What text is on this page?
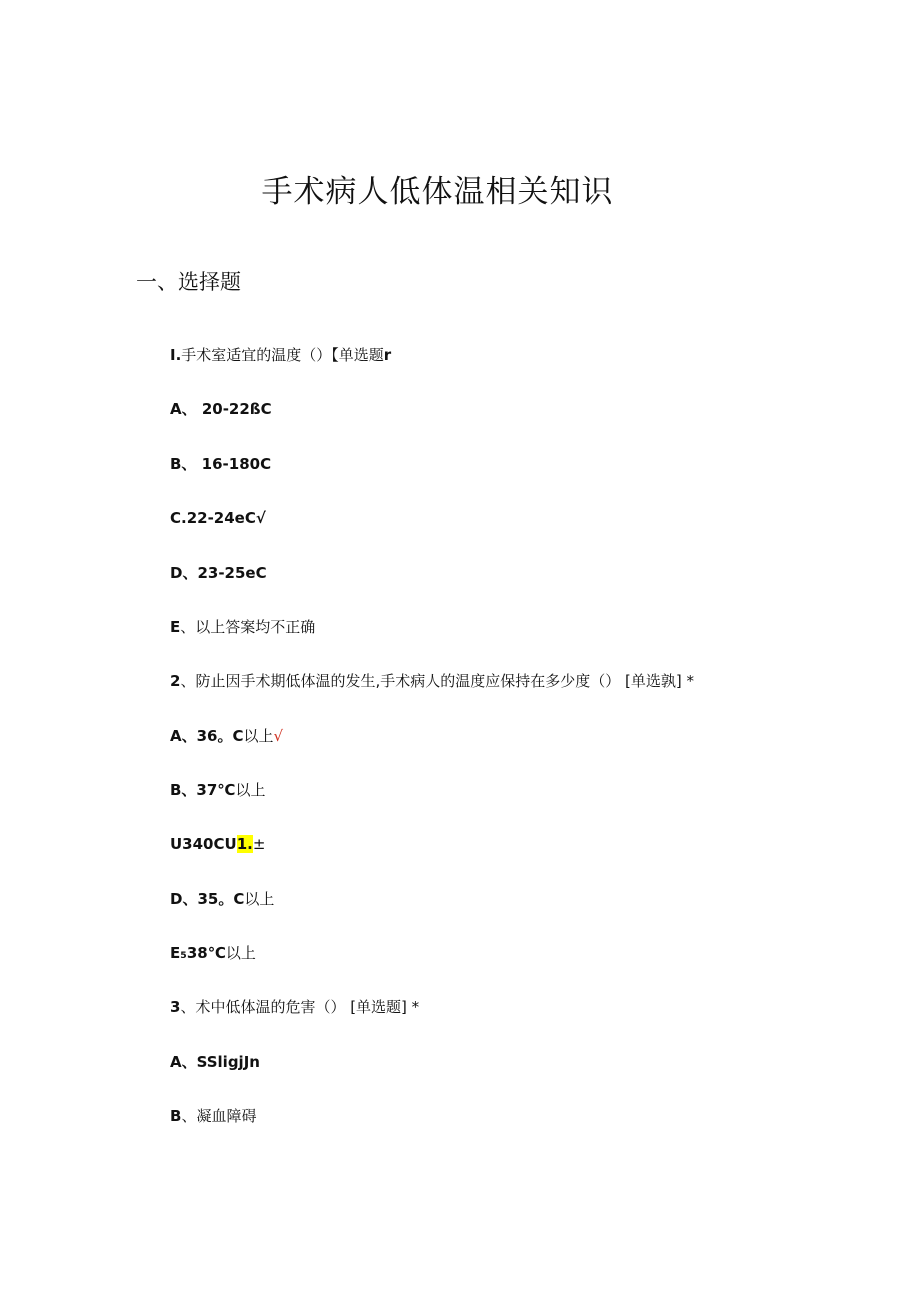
手术病人低体温相关知识
一、选择题
I.手术室适宜的温度（）【单选题r
A、 20-22ßC
B、 16-180C
C.22-24eC√
D、23-25eC
E、以上答案均不正确
2、防止因手术期低体温的发生,手术病人的温度应保持在多少度（） [单选孰] *
A、36。C以上√
B、37℃以上
U340CU1.±
D、35。C以上
E₅38℃以上
3、术中低体温的危害（） [单选题] *
A、SSligjJn
B、凝血障碍
